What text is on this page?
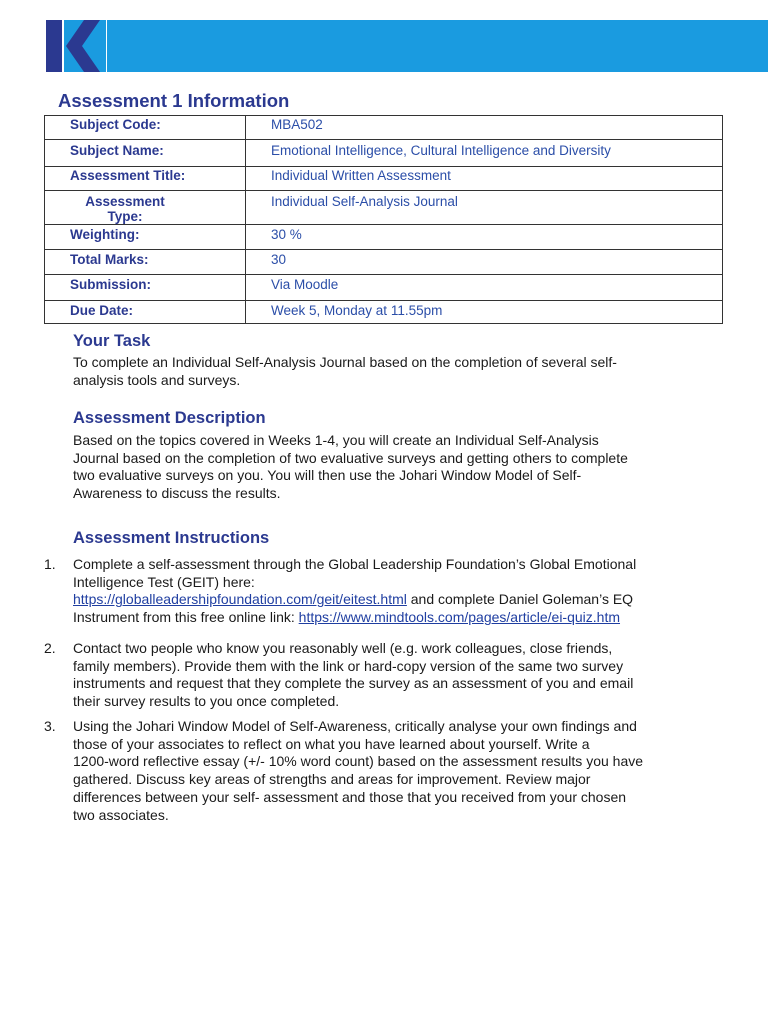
Assessment 1 Information
Subject Code:	MBA502
Subject Name:	Emotional Intelligence, Cultural Intelligence and Diversity
Assessment Title:	Individual Written Assessment
Assessment
Type:	Individual Self-Analysis Journal
Weighting:	30 %
Total Marks:	30
Submission:	Via Moodle
Due Date:	Week 5, Monday at 11.55pm
Your Task
To complete an Individual Self-Analysis Journal based on the completion of several self-
analysis tools and surveys.
Assessment Description
Based on the topics covered in Weeks 1-4, you will create an Individual Self-Analysis
Journal based on the completion of two evaluative surveys and getting others to complete
two evaluative surveys on you. You will then use the Johari Window Model of Self-
Awareness to discuss the results.
Assessment Instructions
1. Complete a self-assessment through the Global Leadership Foundation’s Global Emotional
Intelligence Test (GEIT) here:
https://globalleadershipfoundation.com/geit/eitest.html and complete Daniel Goleman’s EQ
Instrument from this free online link: https://www.mindtools.com/pages/article/ei-quiz.htm
2. Contact two people who know you reasonably well (e.g. work colleagues, close friends,
family members). Provide them with the link or hard-copy version of the same two survey
instruments and request that they complete the survey as an assessment of you and email
their survey results to you once completed.
3. Using the Johari Window Model of Self-Awareness, critically analyse your own findings and
those of your associates to reflect on what you have learned about yourself. Write a
1200-word reflective essay (+/- 10% word count) based on the assessment results you have
gathered. Discuss key areas of strengths and areas for improvement. Review major
differences between your self- assessment and those that you received from your chosen
two associates.
